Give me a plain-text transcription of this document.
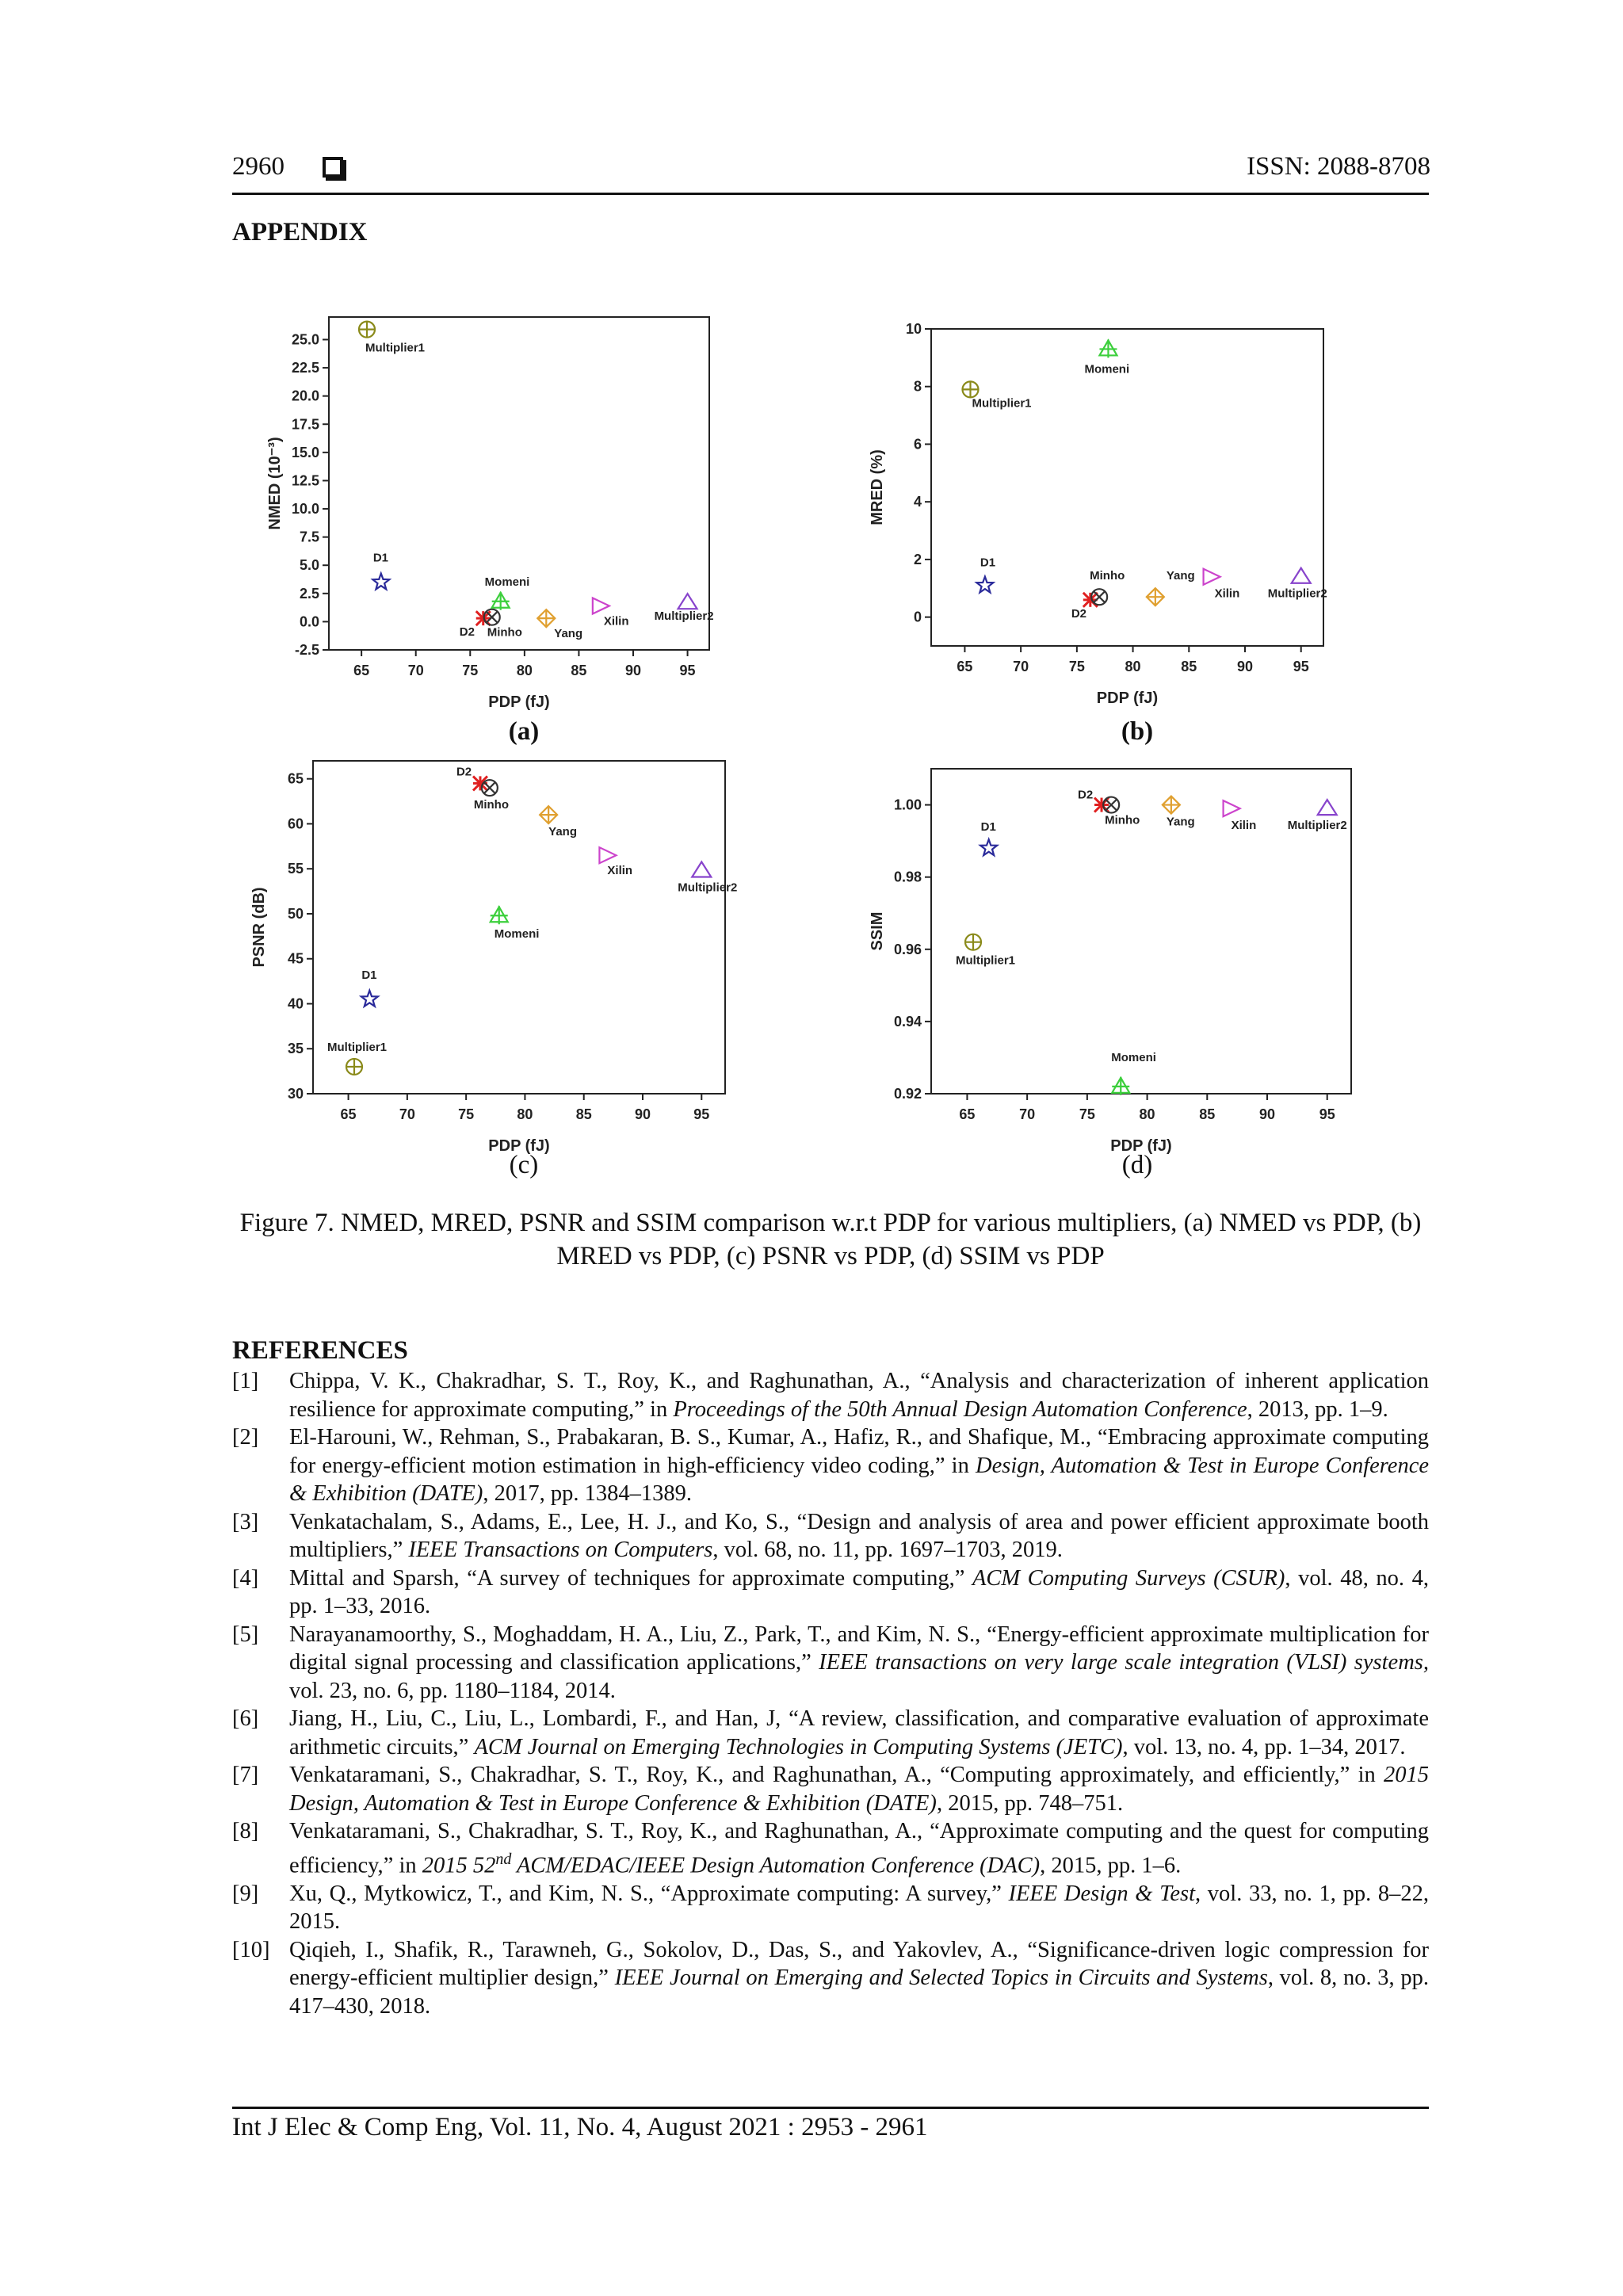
2960	ISSN: 2088-8708
APPENDIX
65	70	75	80	85	90	95
-2.5
0.0
2.5
5.0
7.5
10.0
12.5
15.0
17.5
20.0
22.5
25.0
PDP (fJ)
NMED (10⁻³)
Multiplier1
D1
D2 Minho
Momeni
Yang
Xilin Multiplier2
65	70	75	80	85	90	95
0
2
4
6
8
10
PDP (fJ)
MRED (%)
Multiplier1
D1
D2
Minho
Momeni
Yang
Xilin Multiplier2
65	70	75	80	85	90	95
30
35
40
45
50
55
60
65
PDP (fJ)
PSNR (dB)
Multiplier1
D1
D2
Minho
Momeni
Yang
Xilin
Multiplier2
65	70	75	80	85	90	95
0.92
0.94
0.96
0.98
1.00
PDP (fJ)
SSIM
Multiplier1
D1
D2
Minho
Momeni
Yang	Xilin	Multiplier2
(a)	(b)
(c)	(d)
Figure 7. NMED, MRED, PSNR and SSIM comparison w.r.t PDP for various multipliers, (a) NMED vs PDP, (b) MRED vs PDP, (c) PSNR vs PDP, (d) SSIM vs PDP
REFERENCES
[1]	Chippa, V. K., Chakradhar, S. T., Roy, K., and Raghunathan, A., “Analysis and characterization of inherent application resilience for approximate computing,” in Proceedings of the 50th Annual Design Automation Conference, 2013, pp. 1–9.
[2]	El-Harouni, W., Rehman, S., Prabakaran, B. S., Kumar, A., Hafiz, R., and Shafique, M., “Embracing approximate computing for energy-efficient motion estimation in high-efficiency video coding,” in Design, Automation & Test in Europe Conference & Exhibition (DATE), 2017, pp. 1384–1389.
[3]	Venkatachalam, S., Adams, E., Lee, H. J., and Ko, S., “Design and analysis of area and power efficient approximate booth multipliers,” IEEE Transactions on Computers, vol. 68, no. 11, pp. 1697–1703, 2019.
[4]	Mittal and Sparsh, “A survey of techniques for approximate computing,” ACM Computing Surveys (CSUR), vol. 48, no. 4, pp. 1–33, 2016.
[5]	Narayanamoorthy, S., Moghaddam, H. A., Liu, Z., Park, T., and Kim, N. S., “Energy-efficient approximate multiplication for digital signal processing and classification applications,” IEEE transactions on very large scale integration (VLSI) systems, vol. 23, no. 6, pp. 1180–1184, 2014.
[6]	Jiang, H., Liu, C., Liu, L., Lombardi, F., and Han, J, “A review, classification, and comparative evaluation of approximate arithmetic circuits,” ACM Journal on Emerging Technologies in Computing Systems (JETC), vol. 13, no. 4, pp. 1–34, 2017.
[7]	Venkataramani, S., Chakradhar, S. T., Roy, K., and Raghunathan, A., “Computing approximately, and efficiently,” in 2015 Design, Automation & Test in Europe Conference & Exhibition (DATE), 2015, pp. 748–751.
[8]	Venkataramani, S., Chakradhar, S. T., Roy, K., and Raghunathan, A., “Approximate computing and the quest for computing efficiency,” in 2015 52nd ACM/EDAC/IEEE Design Automation Conference (DAC), 2015, pp. 1–6.
[9]	Xu, Q., Mytkowicz, T., and Kim, N. S., “Approximate computing: A survey,” IEEE Design & Test, vol. 33, no. 1, pp. 8–22, 2015.
[10] Qiqieh, I., Shafik, R., Tarawneh, G., Sokolov, D., Das, S., and Yakovlev, A., “Significance-driven logic compression for energy-efficient multiplier design,” IEEE Journal on Emerging and Selected Topics in Circuits and Systems, vol. 8, no. 3, pp. 417–430, 2018.
Int J Elec & Comp Eng, Vol. 11, No. 4, August 2021 : 2953 - 2961
